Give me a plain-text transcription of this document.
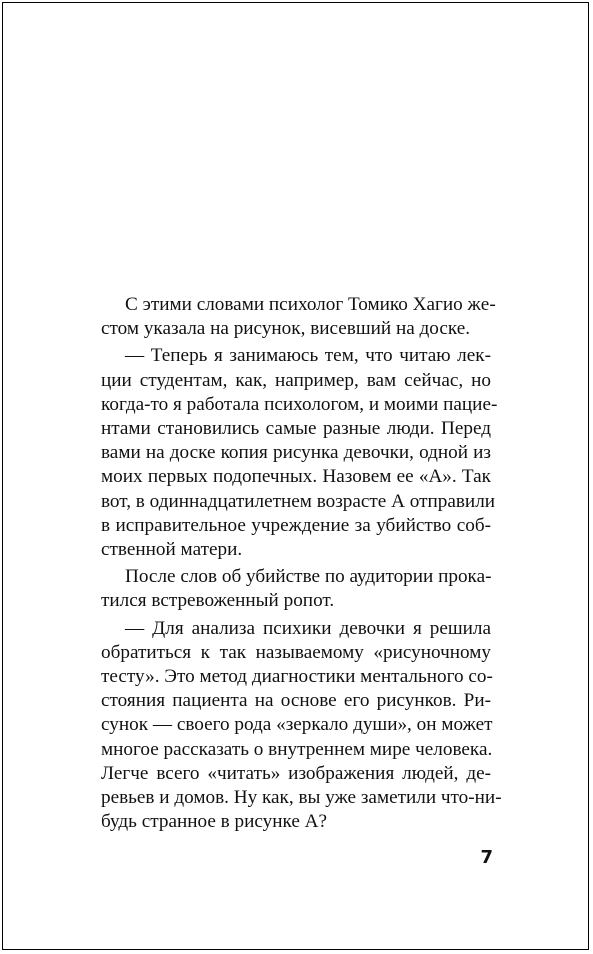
С этими словами психолог Томико Хагио жe-
стом указала на рисунок, висевший на доске.

— Теперь я занимаюсь тем, что читаю лек-
ции студентам, как, например, вам сейчас, но
когда-то я работала психологом, и моими пацие-
нтами становились самые разные люди. Перед
вами на доске копия рисунка девочки, одной из
моих первых подопечных. Назовем ее «А». Так
вот, в одиннадцатилетнем возрасте А отправили
в исправительное учреждение за убийство соб-
ственной матери.

После слов об убийстве по аудитории прока-
тился встревоженный ропот.

— Для анализа психики девочки я решила
обратиться к так называемому «рисуночному
тесту». Это метод диагностики ментального со-
стояния пациента на основе его рисунков. Ри-
сунок — своего рода «зеркало души», он может
многое рассказать о внутреннем мире человека.
Легче всего «читать» изображения людей, де-
ревьев и домов. Ну как, вы уже заметили что-ни-
будь странное в рисунке А?

7
